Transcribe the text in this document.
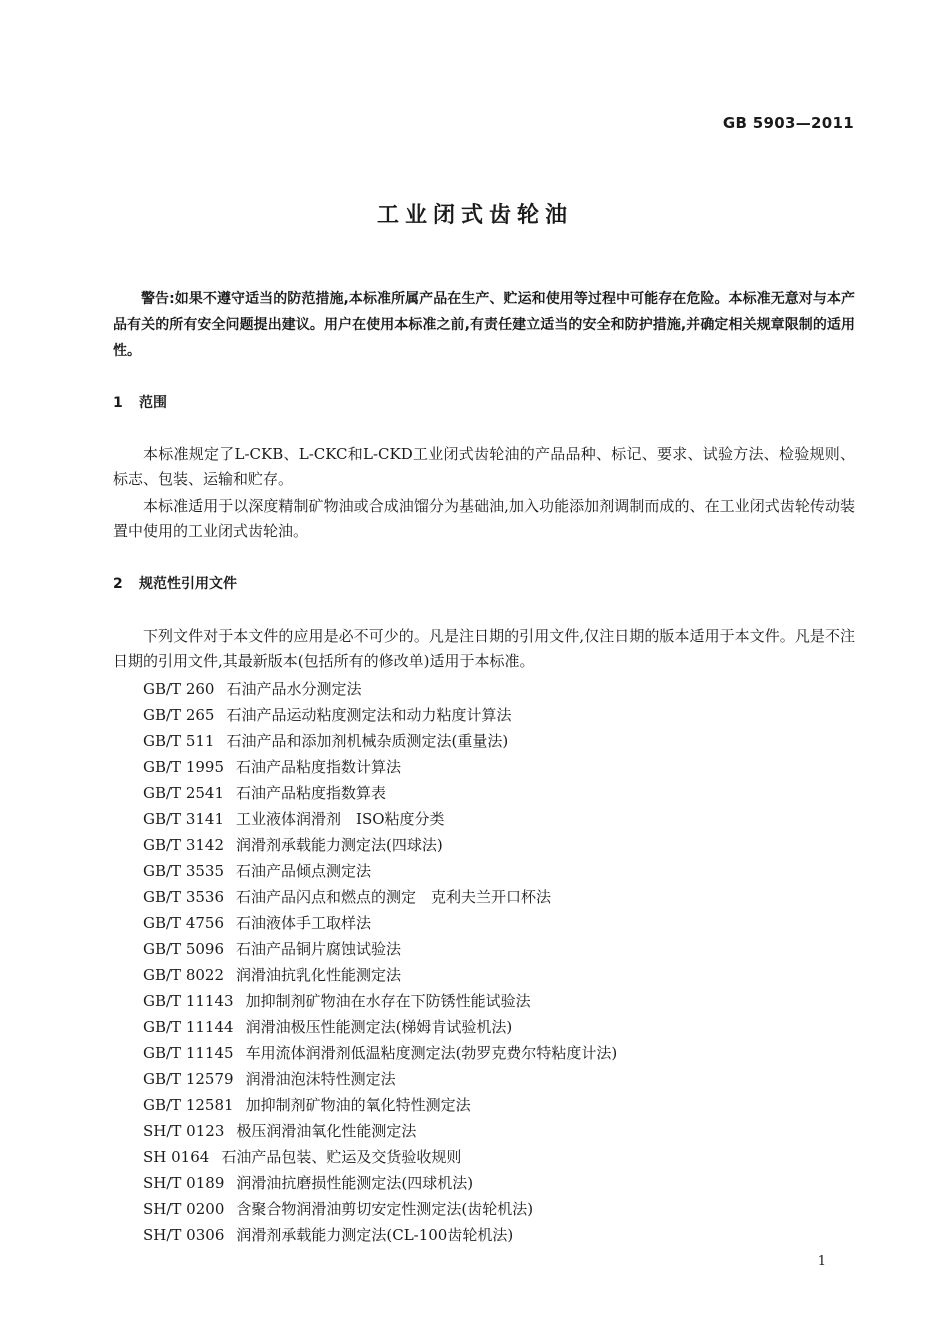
GB 5903—2011
工业闭式齿轮油
警告:如果不遵守适当的防范措施,本标准所属产品在生产、贮运和使用等过程中可能存在危险。本标准无意对与本产品有关的所有安全问题提出建议。用户在使用本标准之前,有责任建立适当的安全和防护措施,并确定相关规章限制的适用性。
1 范围
本标准规定了L-CKB、L-CKC和L-CKD工业闭式齿轮油的产品品种、标记、要求、试验方法、检验规则、标志、包装、运输和贮存。
本标准适用于以深度精制矿物油或合成油馏分为基础油,加入功能添加剂调制而成的、在工业闭式齿轮传动装置中使用的工业闭式齿轮油。
2 规范性引用文件
下列文件对于本文件的应用是必不可少的。凡是注日期的引用文件,仅注日期的版本适用于本文件。凡是不注日期的引用文件,其最新版本(包括所有的修改单)适用于本标准。
GB/T 260 石油产品水分测定法
GB/T 265 石油产品运动粘度测定法和动力粘度计算法
GB/T 511 石油产品和添加剂机械杂质测定法(重量法)
GB/T 1995 石油产品粘度指数计算法
GB/T 2541 石油产品粘度指数算表
GB/T 3141 工业液体润滑剂　ISO粘度分类
GB/T 3142 润滑剂承载能力测定法(四球法)
GB/T 3535 石油产品倾点测定法
GB/T 3536 石油产品闪点和燃点的测定　克利夫兰开口杯法
GB/T 4756 石油液体手工取样法
GB/T 5096 石油产品铜片腐蚀试验法
GB/T 8022 润滑油抗乳化性能测定法
GB/T 11143 加抑制剂矿物油在水存在下防锈性能试验法
GB/T 11144 润滑油极压性能测定法(梯姆肯试验机法)
GB/T 11145 车用流体润滑剂低温粘度测定法(勃罗克费尔特粘度计法)
GB/T 12579 润滑油泡沫特性测定法
GB/T 12581 加抑制剂矿物油的氧化特性测定法
SH/T 0123 极压润滑油氧化性能测定法
SH 0164 石油产品包装、贮运及交货验收规则
SH/T 0189 润滑油抗磨损性能测定法(四球机法)
SH/T 0200 含聚合物润滑油剪切安定性测定法(齿轮机法)
SH/T 0306 润滑剂承载能力测定法(CL-100齿轮机法)
1
